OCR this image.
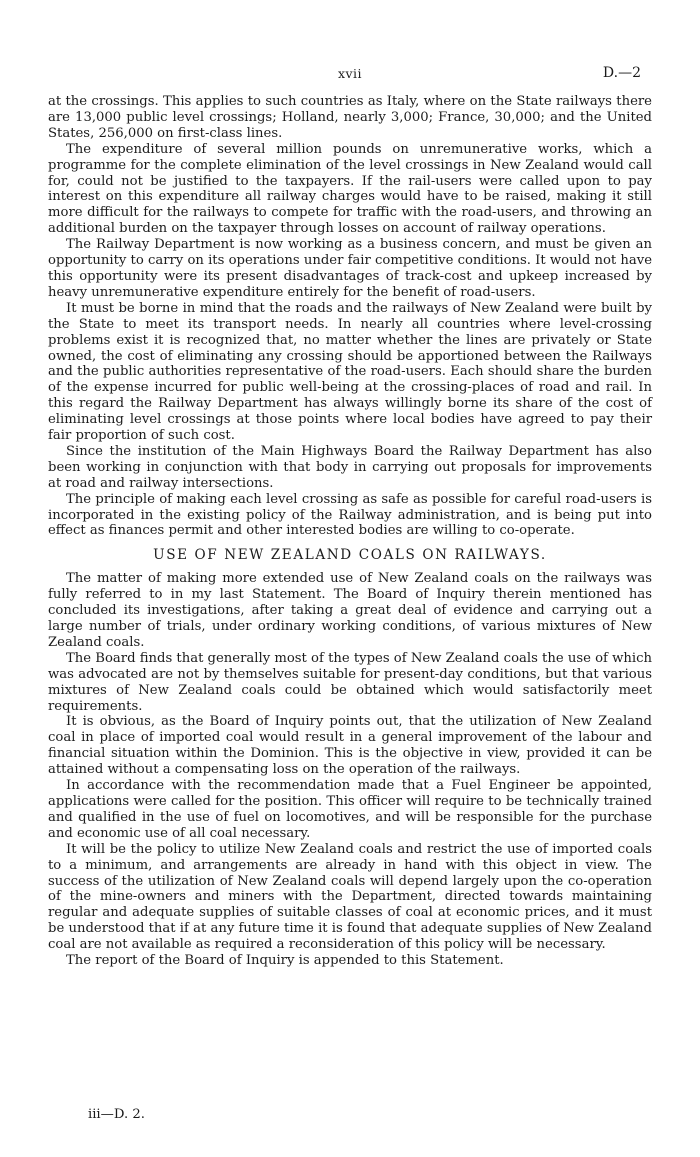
xvii	D.—2

at the crossings. This applies to such countries as Italy, where on the State railways there are 13,000 public level crossings; Holland, nearly 3,000; France, 30,000; and the United States, 256,000 on first-class lines.

The expenditure of several million pounds on unremunerative works, which a programme for the complete elimination of the level crossings in New Zealand would call for, could not be justified to the taxpayers. If the rail-users were called upon to pay interest on this expenditure all railway charges would have to be raised, making it still more difficult for the railways to compete for traffic with the road-users, and throwing an additional burden on the taxpayer through losses on account of railway operations.

The Railway Department is now working as a business concern, and must be given an opportunity to carry on its operations under fair competitive conditions. It would not have this opportunity were its present disadvantages of track-cost and upkeep increased by heavy unremunerative expenditure entirely for the benefit of road-users.

It must be borne in mind that the roads and the railways of New Zealand were built by the State to meet its transport needs. In nearly all countries where level-crossing problems exist it is recognized that, no matter whether the lines are privately or State owned, the cost of eliminating any crossing should be apportioned between the Railways and the public authorities representative of the road-users. Each should share the burden of the expense incurred for public well-being at the crossing-places of road and rail. In this regard the Railway Department has always willingly borne its share of the cost of eliminating level crossings at those points where local bodies have agreed to pay their fair proportion of such cost.

Since the institution of the Main Highways Board the Railway Department has also been working in conjunction with that body in carrying out proposals for improvements at road and railway intersections.

The principle of making each level crossing as safe as possible for careful road-users is incorporated in the existing policy of the Railway administration, and is being put into effect as finances permit and other interested bodies are willing to co-operate.

USE OF NEW ZEALAND COALS ON RAILWAYS.

The matter of making more extended use of New Zealand coals on the railways was fully referred to in my last Statement. The Board of Inquiry therein mentioned has concluded its investigations, after taking a great deal of evidence and carrying out a large number of trials, under ordinary working conditions, of various mixtures of New Zealand coals.

The Board finds that generally most of the types of New Zealand coals the use of which was advocated are not by themselves suitable for present-day conditions, but that various mixtures of New Zealand coals could be obtained which would satisfactorily meet requirements.

It is obvious, as the Board of Inquiry points out, that the utilization of New Zealand coal in place of imported coal would result in a general improvement of the labour and financial situation within the Dominion. This is the objective in view, provided it can be attained without a compensating loss on the operation of the railways.

In accordance with the recommendation made that a Fuel Engineer be appointed, applications were called for the position. This officer will require to be technically trained and qualified in the use of fuel on locomotives, and will be responsible for the purchase and economic use of all coal necessary.

It will be the policy to utilize New Zealand coals and restrict the use of imported coals to a minimum, and arrangements are already in hand with this object in view. The success of the utilization of New Zealand coals will depend largely upon the co-operation of the mine-owners and miners with the Department, directed towards maintaining regular and adequate supplies of suitable classes of coal at economic prices, and it must be understood that if at any future time it is found that adequate supplies of New Zealand coal are not available as required a reconsideration of this policy will be necessary.

The report of the Board of Inquiry is appended to this Statement.

iii—D. 2.
